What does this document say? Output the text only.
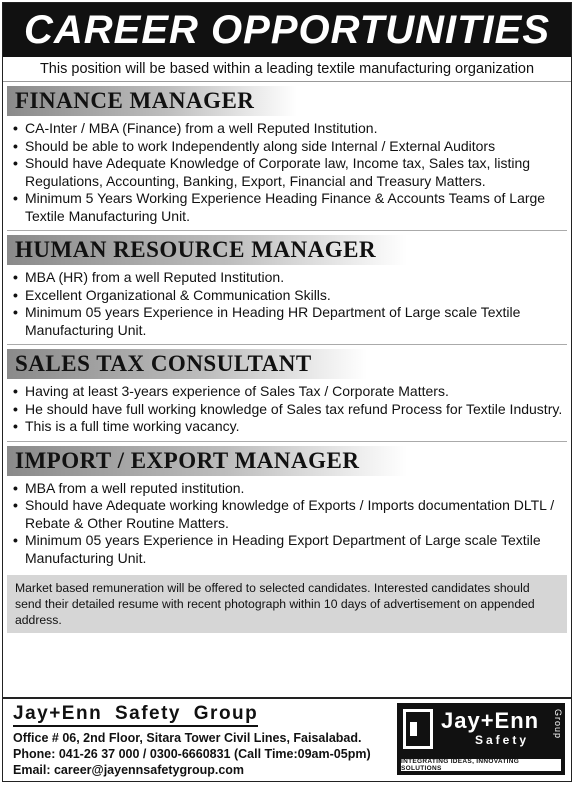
CAREER OPPORTUNITIES
This position will be based within a leading textile manufacturing organization
FINANCE MANAGER
• CA-Inter / MBA (Finance) from a well Reputed Institution.
• Should be able to work Independently along side Internal / External Auditors
• Should have Adequate Knowledge of Corporate law, Income tax, Sales tax, listing Regulations, Accounting, Banking, Export, Financial and Treasury Matters.
• Minimum 5 Years Working Experience Heading Finance & Accounts Teams of Large Textile Manufacturing Unit.
HUMAN RESOURCE MANAGER
• MBA (HR) from a well Reputed Institution.
• Excellent Organizational & Communication Skills.
• Minimum 05 years Experience in Heading HR Department of Large scale Textile Manufacturing Unit.
SALES TAX CONSULTANT
• Having at least 3-years experience of Sales Tax / Corporate Matters.
• He should have full working knowledge of Sales tax refund Process for Textile Industry.
• This is a full time working vacancy.
IMPORT / EXPORT MANAGER
• MBA from a well reputed institution.
• Should have Adequate working knowledge of Exports / Imports documentation DLTL / Rebate & Other Routine Matters.
• Minimum 05 years Experience in Heading Export Department of Large scale Textile Manufacturing Unit.
Market based remuneration will be offered to selected candidates. Interested candidates should send their detailed resume with recent photograph within 10 days of advertisement on appended address.
Jay+Enn Safety Group
Office # 06, 2nd Floor, Sitara Tower Civil Lines, Faisalabad.
Phone: 041-26 37 000 / 0300-6660831 (Call Time:09am-05pm)
Email: career@jayennsafetygroup.com
Jay+Enn
Safety
Group
INTEGRATING IDEAS, INNOVATING SOLUTIONS
